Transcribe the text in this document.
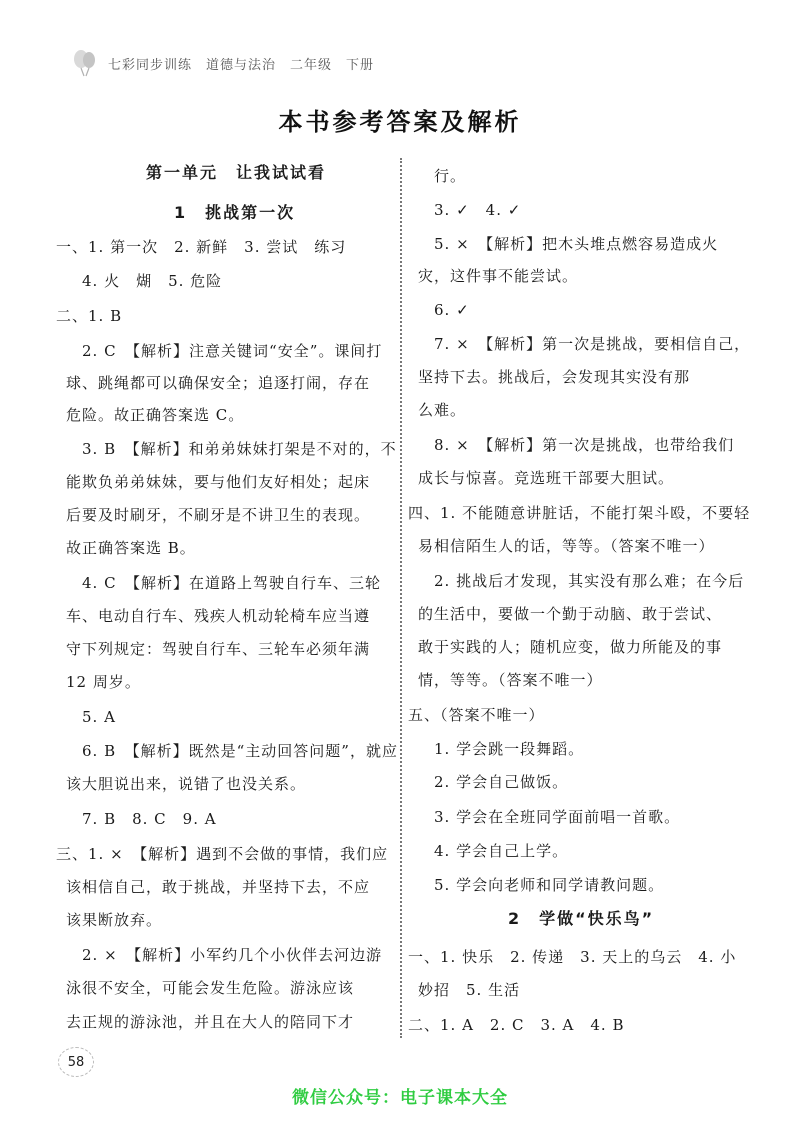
七彩同步训练 道德与法治 二年级 下册
本书参考答案及解析
第一单元　让我试试看
1　挑战第一次
一、1. 第一次　2. 新鲜　3. 尝试　练习
4. 火　煳　5. 危险
二、1. B
2. C　【解析】注意关键词“安全”。课间打
球、跳绳都可以确保安全；追逐打闹，存在
危险。故正确答案选 C。
3. B　【解析】和弟弟妹妹打架是不对的，不
能欺负弟弟妹妹，要与他们友好相处；起床
后要及时刷牙，不刷牙是不讲卫生的表现。
故正确答案选 B。
4. C　【解析】在道路上驾驶自行车、三轮
车、电动自行车、残疾人机动轮椅车应当遵
守下列规定：驾驶自行车、三轮车必须年满
12 周岁。
5. A
6. B　【解析】既然是“主动回答问题”，就应
该大胆说出来，说错了也没关系。
7. B　8. C　9. A
三、1. ×　【解析】遇到不会做的事情，我们应
该相信自己，敢于挑战，并坚持下去，不应
该果断放弃。
2. ×　【解析】小军约几个小伙伴去河边游
泳很不安全，可能会发生危险。游泳应该
去正规的游泳池，并且在大人的陪同下才
行。
3. ✓　4. ✓
5. ×　【解析】把木头堆点燃容易造成火
灾，这件事不能尝试。
6. ✓
7. ×　【解析】第一次是挑战，要相信自己，
坚持下去。挑战后，会发现其实没有那
么难。
8. ×　【解析】第一次是挑战，也带给我们
成长与惊喜。竞选班干部要大胆试。
四、1. 不能随意讲脏话，不能打架斗殴，不要轻
易相信陌生人的话，等等。（答案不唯一）
2. 挑战后才发现，其实没有那么难；在今后
的生活中，要做一个勤于动脑、敢于尝试、
敢于实践的人；随机应变，做力所能及的事
情，等等。（答案不唯一）
五、（答案不唯一）
1. 学会跳一段舞蹈。
2. 学会自己做饭。
3. 学会在全班同学面前唱一首歌。
4. 学会自己上学。
5. 学会向老师和同学请教问题。
2　学做“快乐鸟”
一、1. 快乐　2. 传递　3. 天上的乌云　4. 小
妙招　5. 生活
二、1. A　2. C　3. A　4. B
58
微信公众号：电子课本大全
